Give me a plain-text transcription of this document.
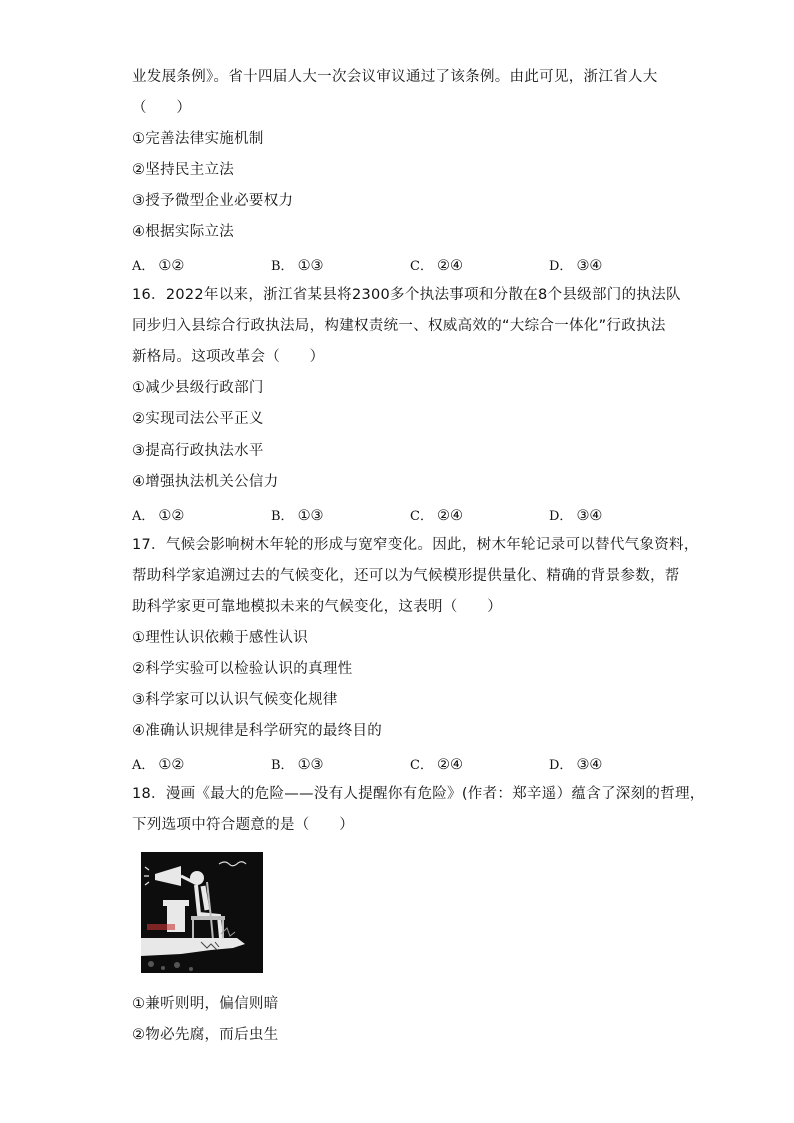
业发展条例》。省十四届人大一次会议审议通过了该条例。由此可见，浙江省人大
（　　）
①完善法律实施机制
②坚持民主立法
③授予微型企业必要权力
④根据实际立法
A． ①②	B． ①③	C． ②④	D． ③④
16．2022年以来，浙江省某县将2300多个执法事项和分散在8个县级部门的执法队
同步归入县综合行政执法局，构建权责统一、权威高效的“大综合一体化”行政执法
新格局。这项改革会（　　）
①减少县级行政部门
②实现司法公平正义
③提高行政执法水平
④增强执法机关公信力
A． ①②	B． ①③	C． ②④	D． ③④
17．气候会影响树木年轮的形成与宽窄变化。因此，树木年轮记录可以替代气象资料，
帮助科学家追溯过去的气候变化，还可以为气候模形提供量化、精确的背景参数，帮
助科学家更可靠地模拟未来的气候变化，这表明（　　）
①理性认识依赖于感性认识
②科学实验可以检验认识的真理性
③科学家可以认识气候变化规律
④准确认识规律是科学研究的最终目的
A． ①②	B． ①③	C． ②④	D． ③④
18．漫画《最大的危险——没有人提醒你有危险》(作者：郑辛遥）蕴含了深刻的哲理，
下列选项中符合题意的是（　　）
①兼听则明，偏信则暗
②物必先腐，而后虫生
